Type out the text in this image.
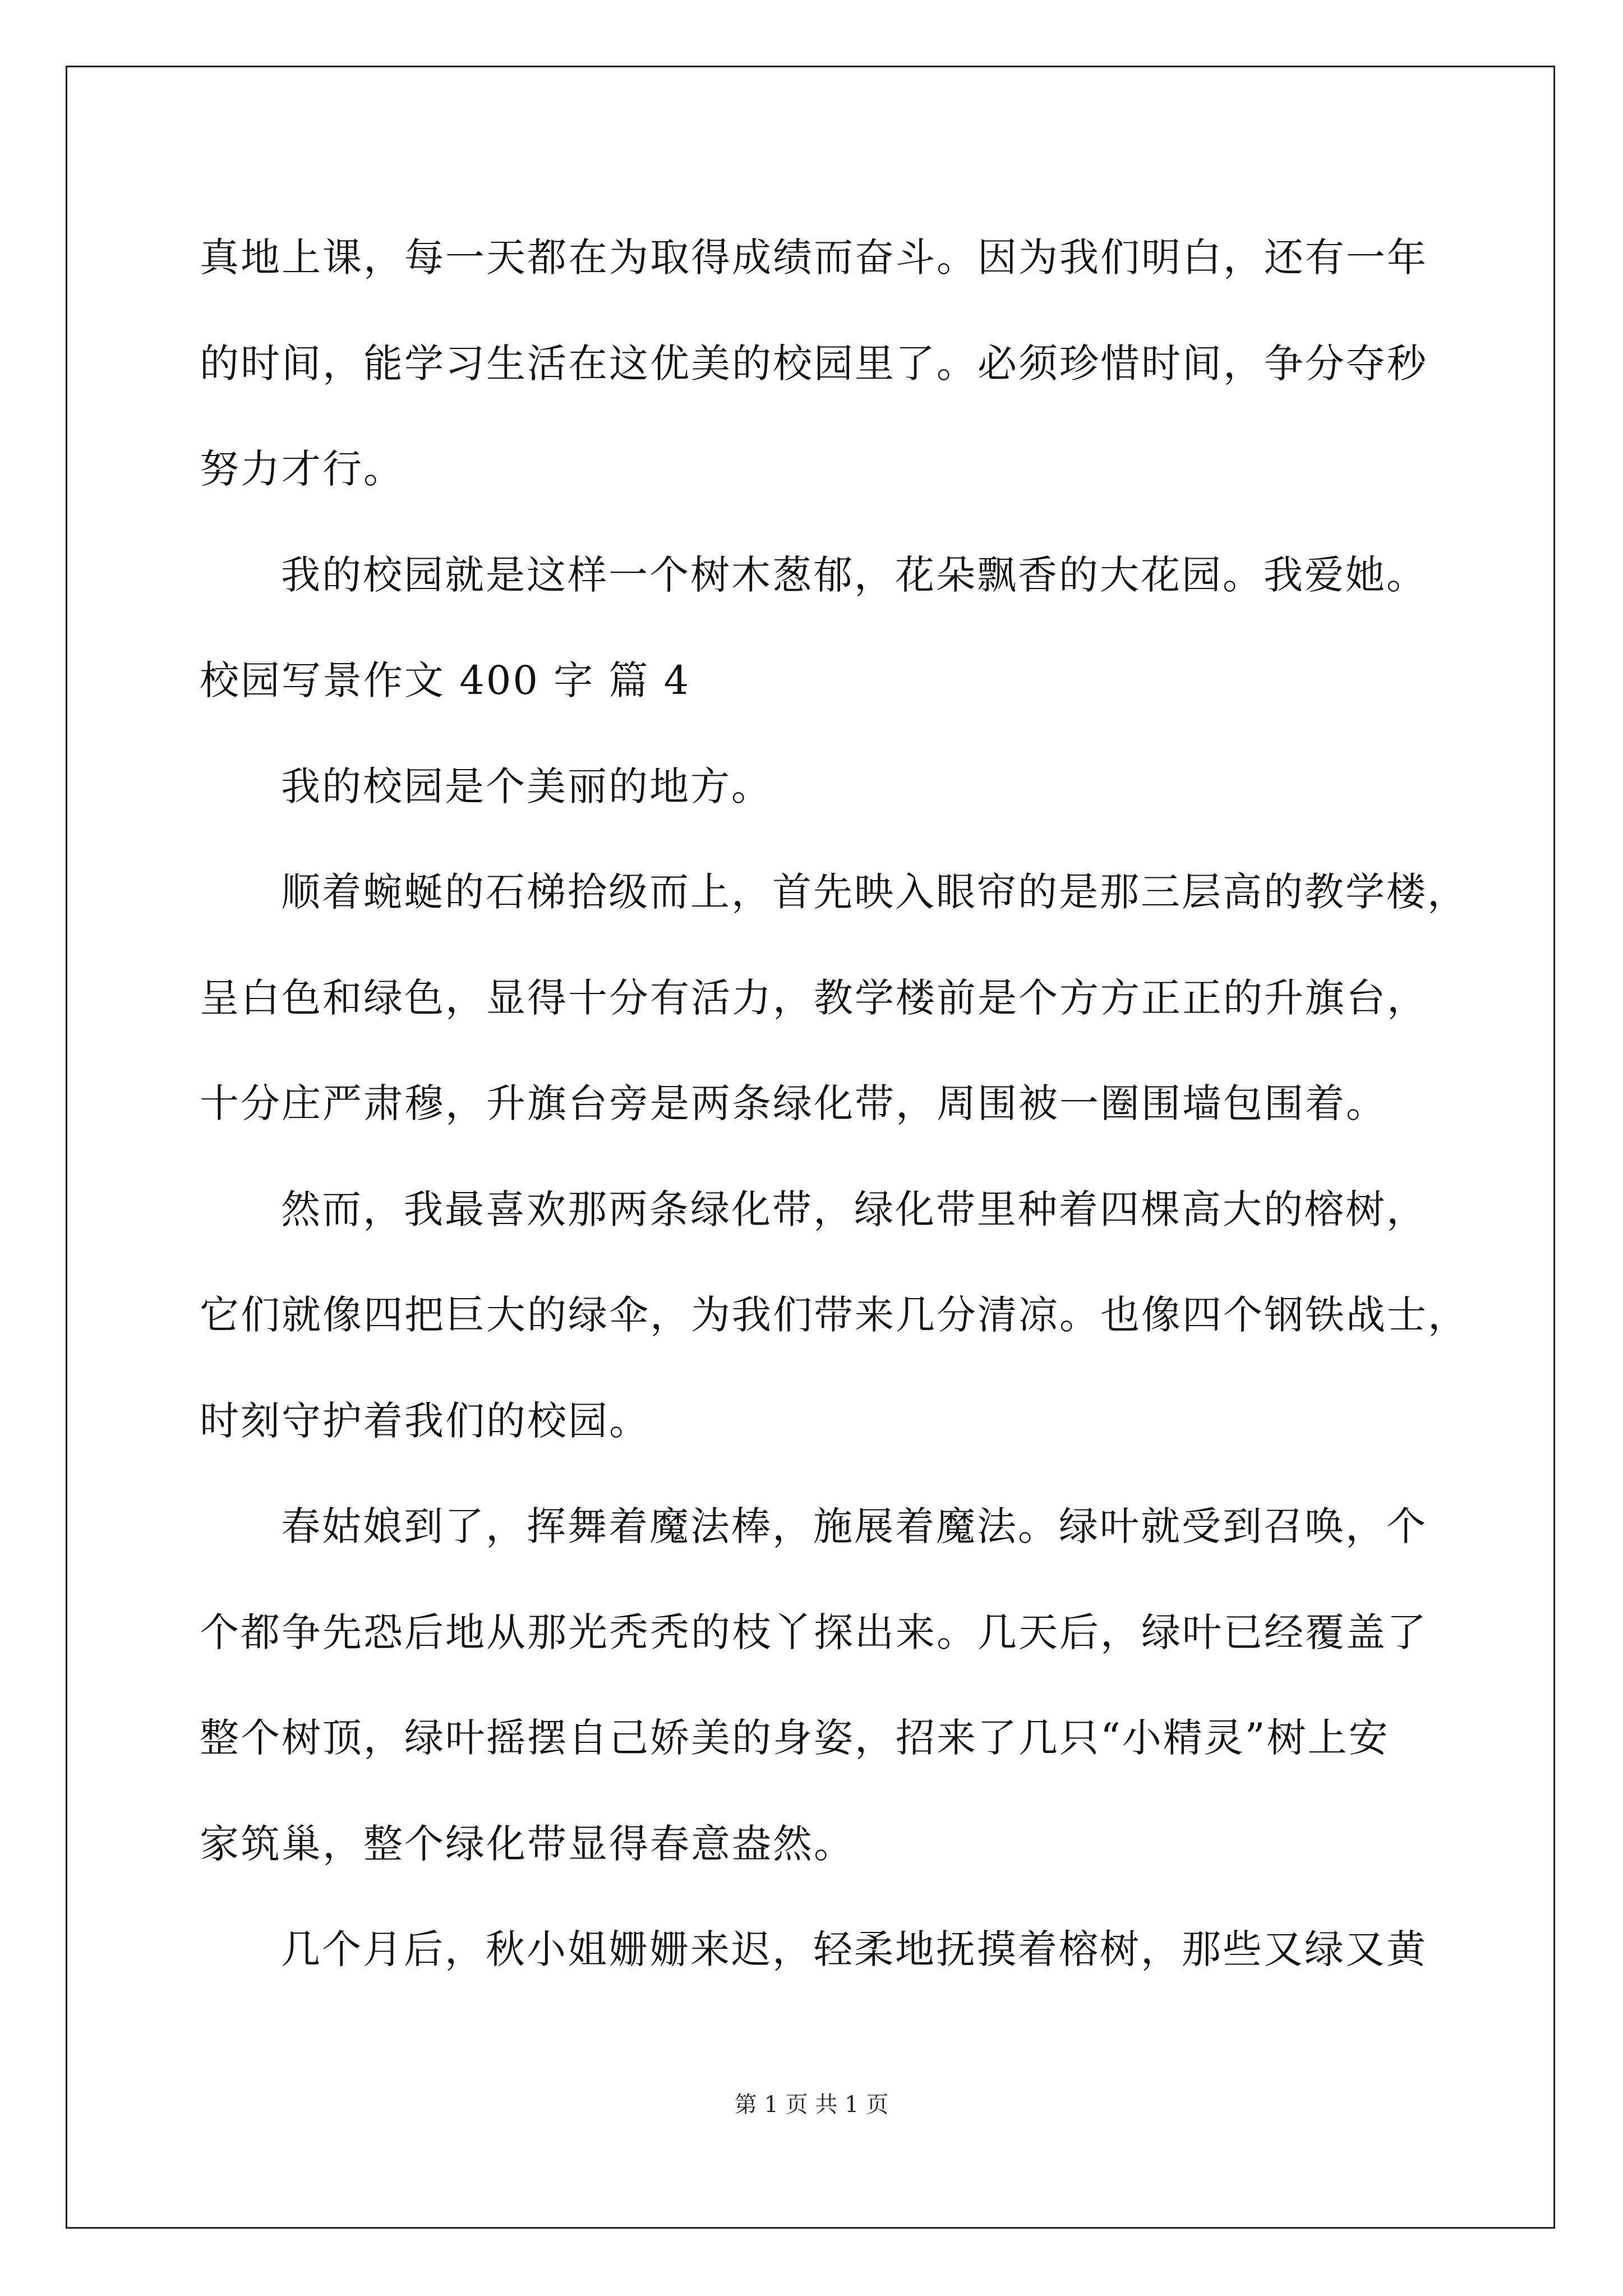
真地上课，每一天都在为取得成绩而奋斗。因为我们明白，还有一年
的时间，能学习生活在这优美的校园里了。必须珍惜时间，争分夺秒
努力才行。
我的校园就是这样一个树木葱郁，花朵飘香的大花园。我爱她。
校园写景作文 400 字 篇 4
我的校园是个美丽的地方。
顺着蜿蜒的石梯拾级而上，首先映入眼帘的是那三层高的教学楼，
呈白色和绿色，显得十分有活力，教学楼前是个方方正正的升旗台，
十分庄严肃穆，升旗台旁是两条绿化带，周围被一圈围墙包围着。
然而，我最喜欢那两条绿化带，绿化带里种着四棵高大的榕树，
它们就像四把巨大的绿伞，为我们带来几分清凉。也像四个钢铁战士，
时刻守护着我们的校园。
春姑娘到了，挥舞着魔法棒，施展着魔法。绿叶就受到召唤，个
个都争先恐后地从那光秃秃的枝丫探出来。几天后，绿叶已经覆盖了
整个树顶，绿叶摇摆自己娇美的身姿，招来了几只“小精灵”树上安
家筑巢，整个绿化带显得春意盎然。
几个月后，秋小姐姗姗来迟，轻柔地抚摸着榕树，那些又绿又黄
第 1 页 共 1 页
